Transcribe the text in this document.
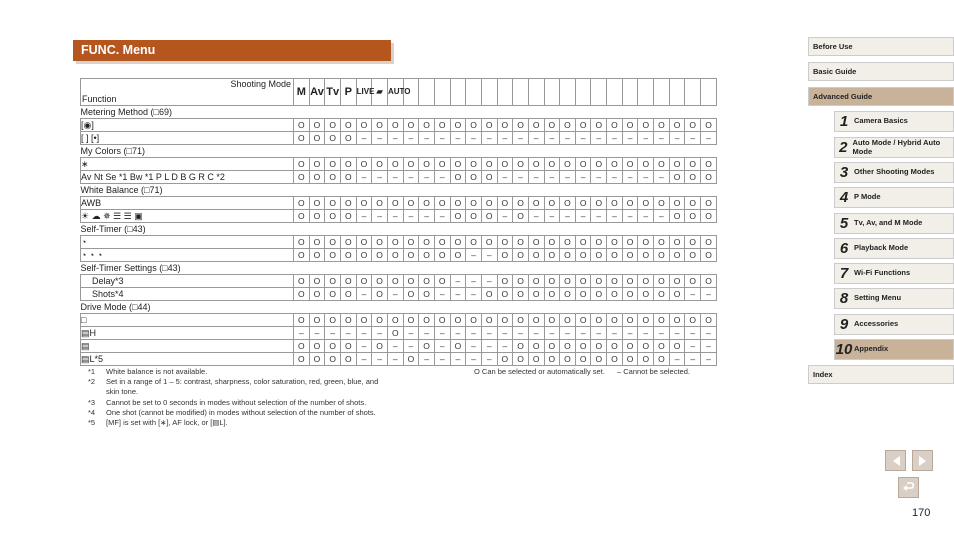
FUNC. Menu
Shooting Mode
Function	M	Av	Tv	P	LIVE	▰	AUTO																				
Metering Method (□69)																											
[◉]	O	O	O	O	O	O	O	O	O	O	O	O	O	O	O	O	O	O	O	O	O	O	O	O	O	O	O
[ ] [•]	O	O	O	O	–	–	–	–	–	–	–	–	–	–	–	–	–	–	–	–	–	–	–	–	–	–	–
My Colors (□71)																											
∗	O	O	O	O	O	O	O	O	O	O	O	O	O	O	O	O	O	O	O	O	O	O	O	O	O	O	O
Av Nt Se *1 Bw *1 P L D B G R C *2	O	O	O	O	–	–	–	–	–	–	O	O	O	–	–	–	–	–	–	–	–	–	–	–	O	O	O
White Balance (□71)																											
AWB	O	O	O	O	O	O	O	O	O	O	O	O	O	O	O	O	O	O	O	O	O	O	O	O	O	O	O
☀ ☁ ✵ ☰ ☰ ▣	O	O	O	O	–	–	–	–	–	–	O	O	O	–	O	–	–	–	–	–	–	–	–	–	O	O	O
Self-Timer (□43)																											
◔	O	O	O	O	O	O	O	O	O	O	O	O	O	O	O	O	O	O	O	O	O	O	O	O	O	O	O
◔ ◔ ◔	O	O	O	O	O	O	O	O	O	O	O	–	–	O	O	O	O	O	O	O	O	O	O	O	O	O	O
Self-Timer Settings (□43)																											
Delay*3	O	O	O	O	O	O	O	O	O	O	–	–	–	O	O	O	O	O	O	O	O	O	O	O	O	O	O
Shots*4	O	O	O	O	–	O	–	O	O	–	–	–	O	O	O	O	O	O	O	O	O	O	O	O	O	–	–
Drive Mode (□44)																											
□	O	O	O	O	O	O	O	O	O	O	O	O	O	O	O	O	O	O	O	O	O	O	O	O	O	O	O
▤H	–	–	–	–	–	–	O	–	–	–	–	–	–	–	–	–	–	–	–	–	–	–	–	–	–	–	–
▤	O	O	O	O	–	O	–	–	O	–	O	–	–	–	O	O	O	O	O	O	O	O	O	O	O	–	–
▤L*5	O	O	O	O	–	–	–	O	–	–	–	–	–	O	O	O	O	O	O	O	O	O	O	O	–	–	–
*1	White balance is not available.
*2	Set in a range of 1 – 5: contrast, sharpness, color saturation, red, green, blue, and skin tone.
*3	Cannot be set to 0 seconds in modes without selection of the number of shots.
*4	One shot (cannot be modified) in modes without selection of the number of shots.
*5	[MF] is set with [∗], AF lock, or [▤L].
O Can be selected or automatically set. – Cannot be selected.
Before Use
Basic Guide
Advanced Guide
1 Camera Basics
2 Auto Mode / Hybrid Auto Mode
3 Other Shooting Modes
4 P Mode
5 Tv, Av, and M Mode
6 Playback Mode
7 Wi-Fi Functions
8 Setting Menu
9 Accessories
10 Appendix
Index
170
